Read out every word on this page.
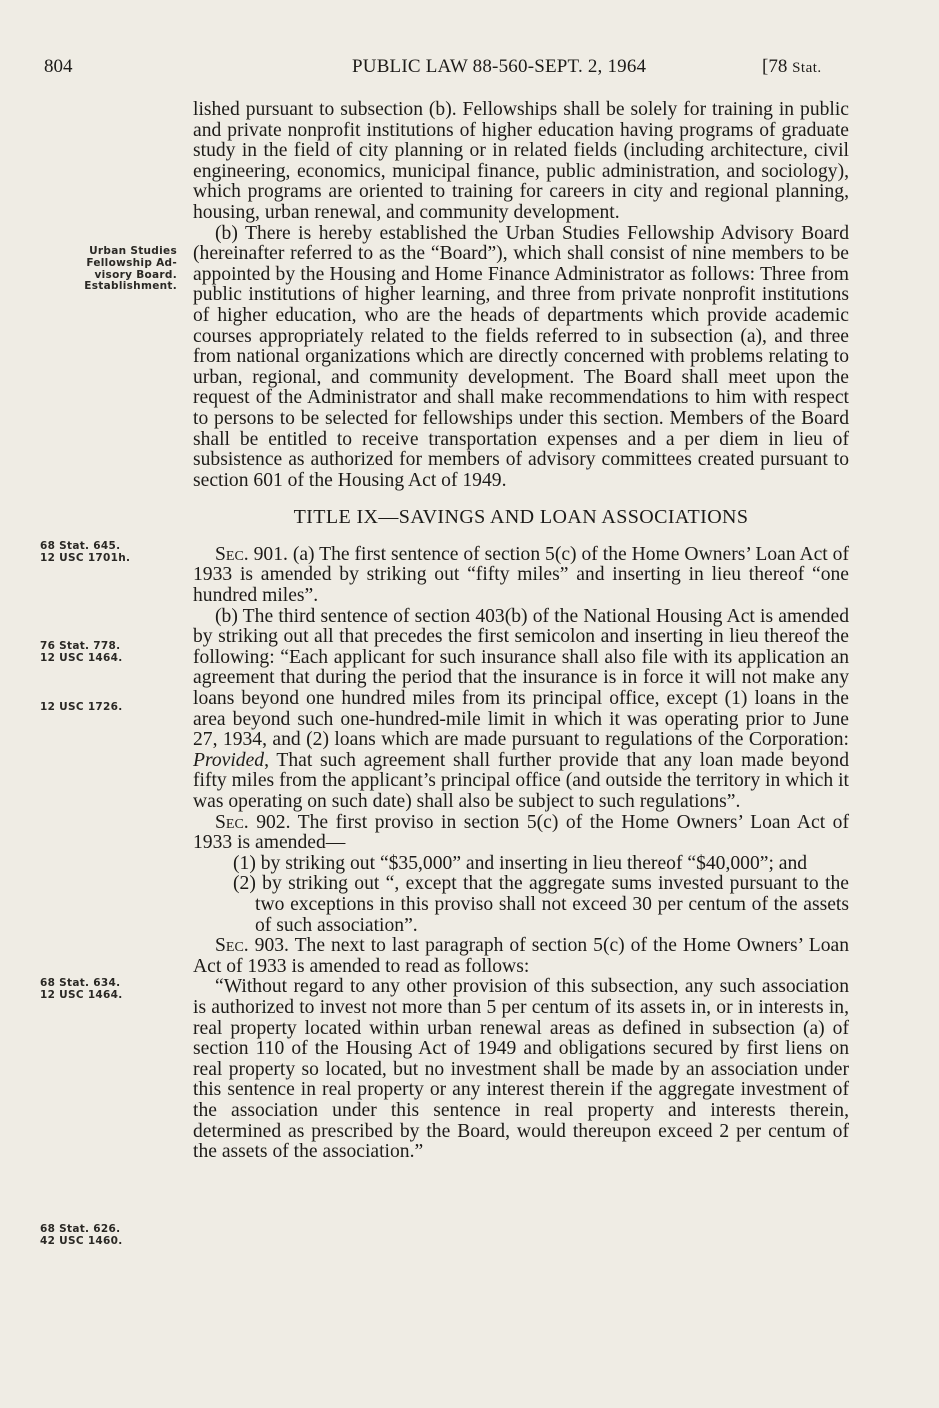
804	PUBLIC LAW 88-560-SEPT. 2, 1964	[78 Stat.
Urban Studies
Fellowship Ad-
visory Board.
Establishment.
68 Stat. 645.
12 USC 1701h.
76 Stat. 778.
12 USC 1464.
12 USC 1726.
68 Stat. 634.
12 USC 1464.
68 Stat. 626.
42 USC 1460.

lished pursuant to subsection (b). Fellowships shall be solely for training in public and private nonprofit institutions of higher education having programs of graduate study in the field of city planning or in related fields (including architecture, civil engineering, economics, municipal finance, public administration, and sociology), which programs are oriented to training for careers in city and regional planning, housing, urban renewal, and community development.

(b) There is hereby established the Urban Studies Fellowship Advisory Board (hereinafter referred to as the “Board”), which shall consist of nine members to be appointed by the Housing and Home Finance Administrator as follows: Three from public institutions of higher learning, and three from private nonprofit institutions of higher education, who are the heads of departments which provide academic courses appropriately related to the fields referred to in subsection (a), and three from national organizations which are directly concerned with problems relating to urban, regional, and community development. The Board shall meet upon the request of the Administrator and shall make recommendations to him with respect to persons to be selected for fellowships under this section. Members of the Board shall be entitled to receive transportation expenses and a per diem in lieu of subsistence as authorized for members of advisory committees created pursuant to section 601 of the Housing Act of 1949.

TITLE IX—SAVINGS AND LOAN ASSOCIATIONS

Sec. 901. (a) The first sentence of section 5(c) of the Home Owners’ Loan Act of 1933 is amended by striking out “fifty miles” and inserting in lieu thereof “one hundred miles”.

(b) The third sentence of section 403(b) of the National Housing Act is amended by striking out all that precedes the first semicolon and inserting in lieu thereof the following: “Each applicant for such insurance shall also file with its application an agreement that during the period that the insurance is in force it will not make any loans beyond one hundred miles from its principal office, except (1) loans in the area beyond such one-hundred-mile limit in which it was operating prior to June 27, 1934, and (2) loans which are made pursuant to regulations of the Corporation: Provided, That such agreement shall further provide that any loan made beyond fifty miles from the applicant’s principal office (and outside the territory in which it was operating on such date) shall also be subject to such regulations”.

Sec. 902. The first proviso in section 5(c) of the Home Owners’ Loan Act of 1933 is amended—

(1) by striking out “$35,000” and inserting in lieu thereof “$40,000”; and

(2) by striking out “, except that the aggregate sums invested pursuant to the two exceptions in this proviso shall not exceed 30 per centum of the assets of such association”.

Sec. 903. The next to last paragraph of section 5(c) of the Home Owners’ Loan Act of 1933 is amended to read as follows:

“Without regard to any other provision of this subsection, any such association is authorized to invest not more than 5 per centum of its assets in, or in interests in, real property located within urban renewal areas as defined in subsection (a) of section 110 of the Housing Act of 1949 and obligations secured by first liens on real property so located, but no investment shall be made by an association under this sentence in real property or any interest therein if the aggregate investment of the association under this sentence in real property and interests therein, determined as prescribed by the Board, would thereupon exceed 2 per centum of the assets of the association.”
